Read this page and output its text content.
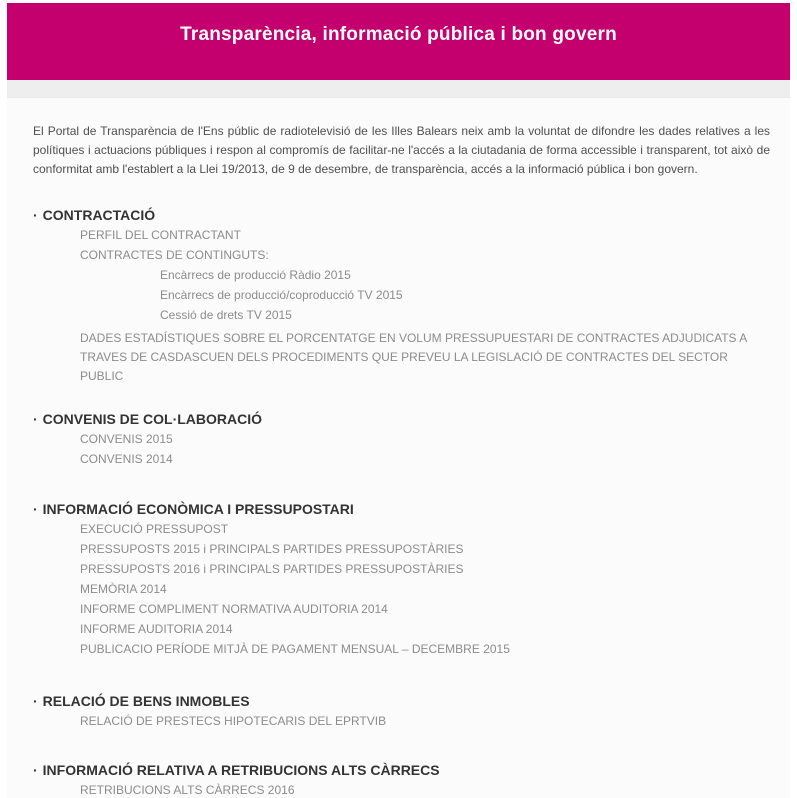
Transparència, informació pública i bon govern

El Portal de Transparència de l'Ens públic de radiotelevisió de les Illes Balears neix amb la voluntat de difondre les dades relatives a les polítiques i actuacions públiques i respon al compromís de facilitar-ne l'accés a la ciutadania de forma accessible i transparent, tot això de conformitat amb l'establert a la Llei 19/2013, de 9 de desembre, de transparència, accés a la informació pública i bon govern.

· CONTRACTACIÓ
PERFIL DEL CONTRACTANT
CONTRACTES DE CONTINGUTS:
Encàrrecs de producció Ràdio 2015
Encàrrecs de producció/coproducció TV 2015
Cessió de drets TV 2015
DADES ESTADÍSTIQUES SOBRE EL PORCENTATGE EN VOLUM PRESSUPUESTARI DE CONTRACTES ADJUDICATS A TRAVES DE CASDASCUEN DELS PROCEDIMENTS QUE PREVEU LA LEGISLACIÓ DE CONTRACTES DEL SECTOR PUBLIC
· CONVENIS DE COL·LABORACIÓ
CONVENIS 2015
CONVENIS 2014
· INFORMACIÓ ECONÒMICA I PRESSUPOSTARI
EXECUCIÓ PRESSUPOST
PRESSUPOSTS 2015 i PRINCIPALS PARTIDES PRESSUPOSTÀRIES
PRESSUPOSTS 2016 i PRINCIPALS PARTIDES PRESSUPOSTÀRIES
MEMÒRIA 2014
INFORME COMPLIMENT NORMATIVA AUDITORIA 2014
INFORME AUDITORIA 2014
PUBLICACIO PERÍODE MITJÀ DE PAGAMENT MENSUAL – DECEMBRE 2015
· RELACIÓ DE BENS INMOBLES
RELACIÓ DE PRESTECS HIPOTECARIS DEL EPRTVIB
· INFORMACIÓ RELATIVA A RETRIBUCIONS ALTS CÀRRECS
RETRIBUCIONS ALTS CÀRRECS 2016
